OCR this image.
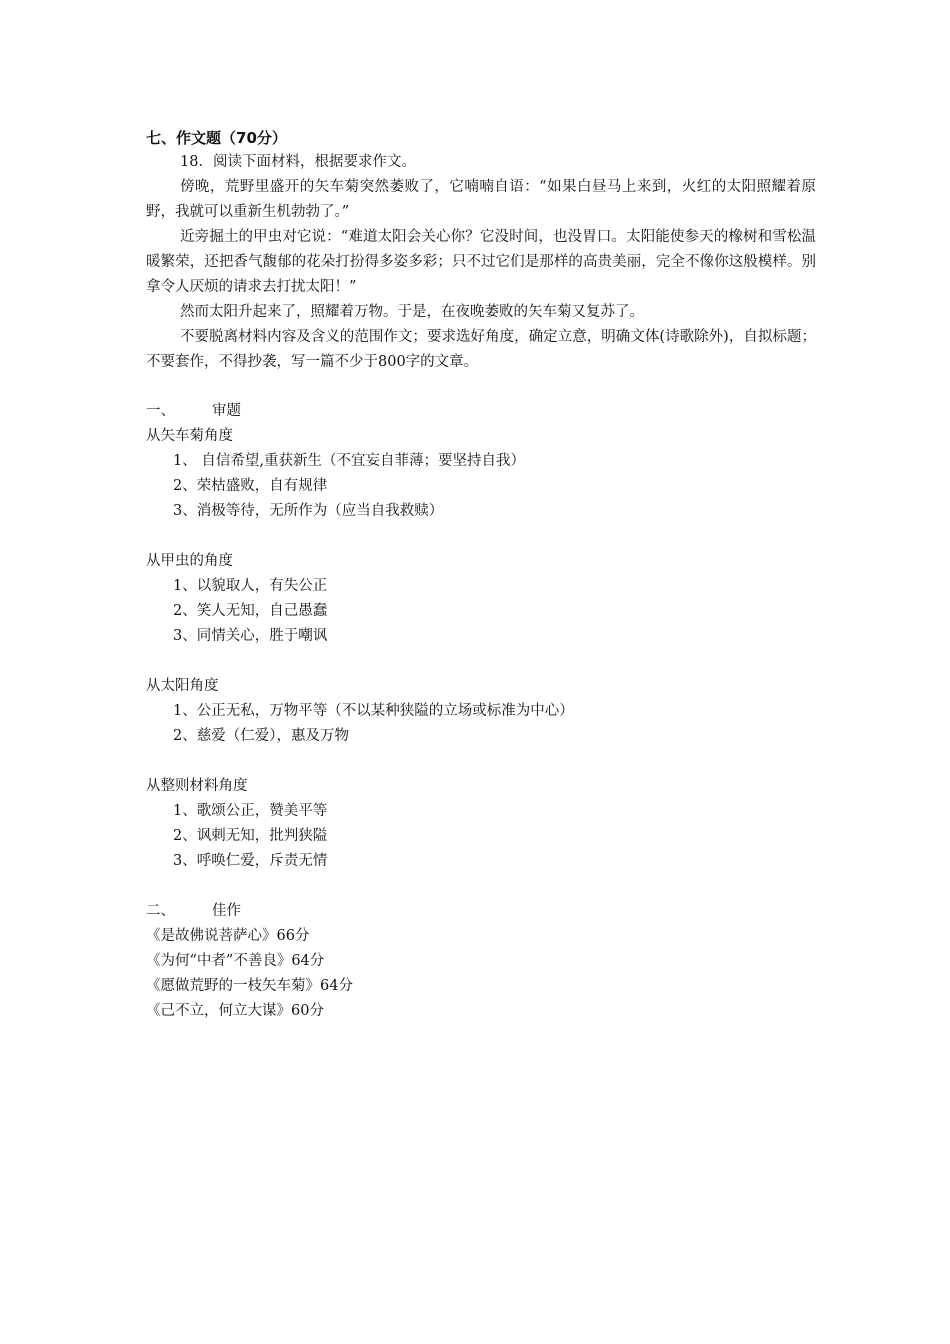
七、作文题（70分）

18．阅读下面材料，根据要求作文。

傍晚，荒野里盛开的矢车菊突然萎败了，它喃喃自语：“如果白昼马上来到，火红的太阳照耀着原野，我就可以重新生机勃勃了。”

近旁掘土的甲虫对它说：“难道太阳会关心你？它没时间，也没胃口。太阳能使参天的橡树和雪松温暖繁荣，还把香气馥郁的花朵打扮得多姿多彩；只不过它们是那样的高贵美丽，完全不像你这般模样。别拿令人厌烦的请求去打扰太阳！”

然而太阳升起来了，照耀着万物。于是，在夜晚萎败的矢车菊又复苏了。

不要脱离材料内容及含义的范围作文；要求选好角度，确定立意，明确文体(诗歌除外)，自拟标题；不要套作，不得抄袭，写一篇不少于800字的文章。

一、	审题

从矢车菊角度

1、 自信希望,重获新生（不宜妄自菲薄；要坚持自我）

2、荣枯盛败，自有规律

3、消极等待，无所作为（应当自我救赎）

从甲虫的角度

1、以貌取人，有失公正

2、笑人无知，自己愚蠢

3、同情关心，胜于嘲讽

从太阳角度

1、公正无私，万物平等（不以某种狭隘的立场或标准为中心）

2、慈爱（仁爱），惠及万物

从整则材料角度

1、歌颂公正，赞美平等

2、讽刺无知，批判狭隘

3、呼唤仁爱，斥责无情

二、	佳作

《是故佛说菩萨心》66分

《为何“中者”不善良》64分

《愿做荒野的一枝矢车菊》64分

《己不立，何立大谋》60分
